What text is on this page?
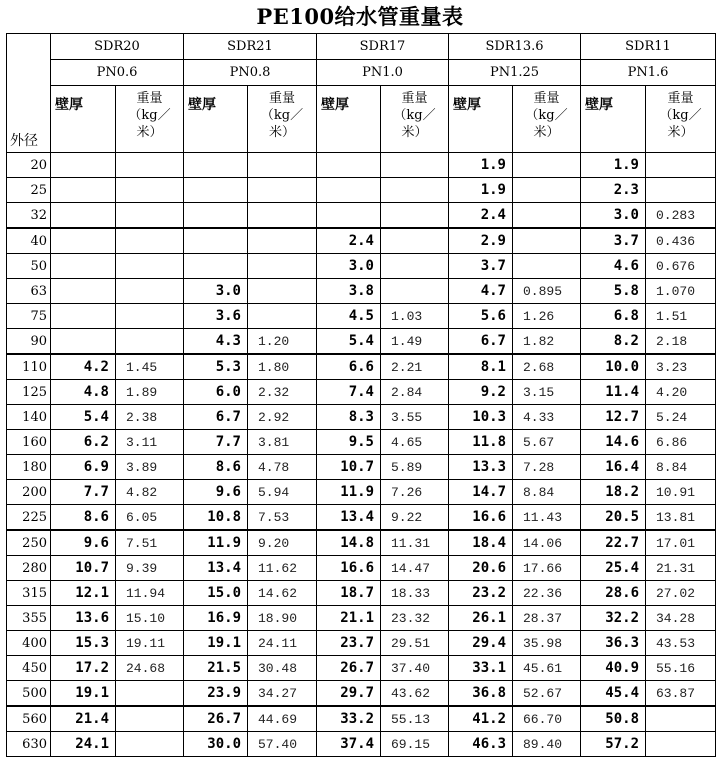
PE100给水管重量表
外径	SDR20		SDR21		SDR17		SDR13.6		SDR11	
	PN0.6		PN0.8		PN1.0		PN1.25		PN1.6	

	壁厚	重量
（kg／
米）	壁厚	重量
（kg／
米）	壁厚	重量
（kg／
米）	壁厚	重量
（kg／
米）	壁厚	重量
（kg／
米）

20							1.9		1.9	
25							1.9		2.3	
32							2.4		3.0	0.283
40					2.4		2.9		3.7	0.436
50					3.0		3.7		4.6	0.676
63			3.0		3.8		4.7	0.895	5.8	1.070
75			3.6		4.5	1.03	5.6	1.26	6.8	1.51
90			4.3	1.20	5.4	1.49	6.7	1.82	8.2	2.18
110	4.2	1.45	5.3	1.80	6.6	2.21	8.1	2.68	10.0	3.23
125	4.8	1.89	6.0	2.32	7.4	2.84	9.2	3.15	11.4	4.20
140	5.4	2.38	6.7	2.92	8.3	3.55	10.3	4.33	12.7	5.24
160	6.2	3.11	7.7	3.81	9.5	4.65	11.8	5.67	14.6	6.86
180	6.9	3.89	8.6	4.78	10.7	5.89	13.3	7.28	16.4	8.84
200	7.7	4.82	9.6	5.94	11.9	7.26	14.7	8.84	18.2	10.91
225	8.6	6.05	10.8	7.53	13.4	9.22	16.6	11.43	20.5	13.81
250	9.6	7.51	11.9	9.20	14.8	11.31	18.4	14.06	22.7	17.01
280	10.7	9.39	13.4	11.62	16.6	14.47	20.6	17.66	25.4	21.31
315	12.1	11.94	15.0	14.62	18.7	18.33	23.2	22.36	28.6	27.02
355	13.6	15.10	16.9	18.90	21.1	23.32	26.1	28.37	32.2	34.28
400	15.3	19.11	19.1	24.11	23.7	29.51	29.4	35.98	36.3	43.53
450	17.2	24.68	21.5	30.48	26.7	37.40	33.1	45.61	40.9	55.16
500	19.1		23.9	34.27	29.7	43.62	36.8	52.67	45.4	63.87
560	21.4		26.7	44.69	33.2	55.13	41.2	66.70	50.8	
630	24.1		30.0	57.40	37.4	69.15	46.3	89.40	57.2	
